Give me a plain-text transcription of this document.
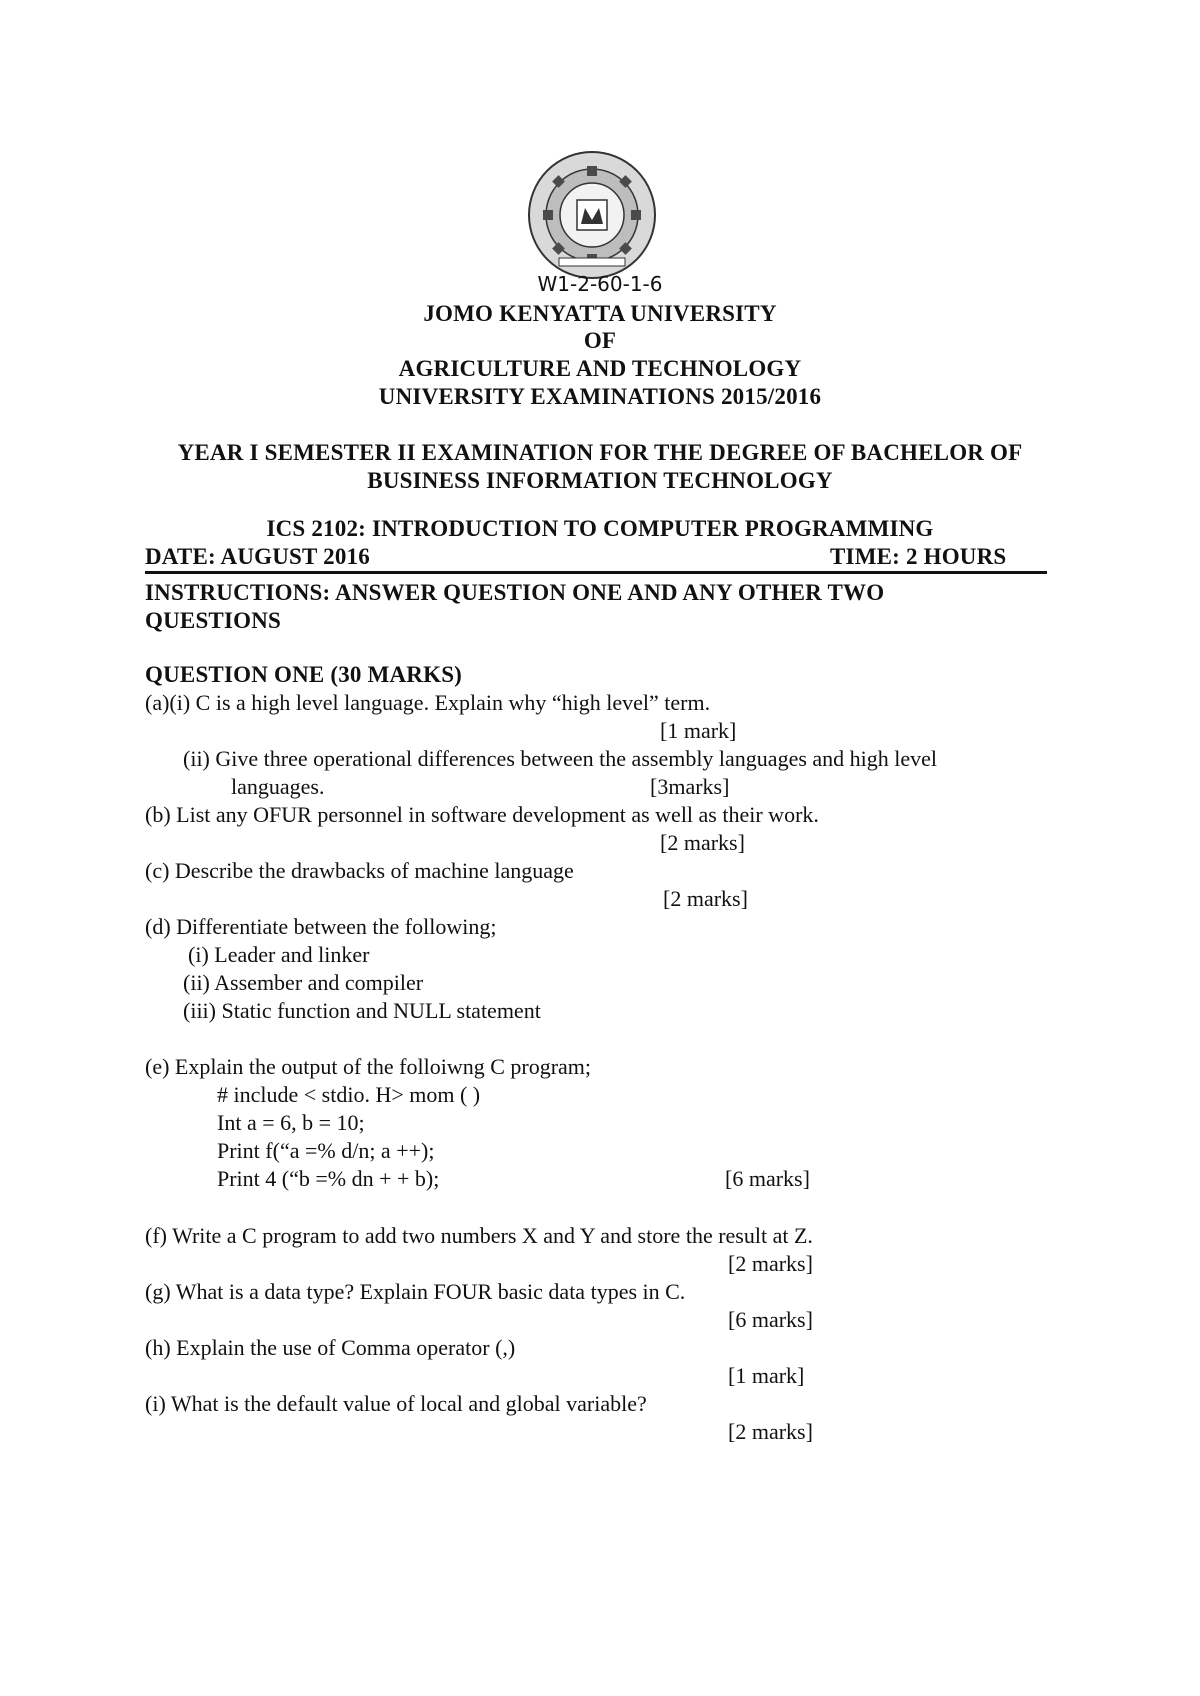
W1-2-60-1-6
JOMO KENYATTA UNIVERSITY
OF
AGRICULTURE AND TECHNOLOGY
UNIVERSITY EXAMINATIONS 2015/2016
YEAR I SEMESTER II EXAMINATION FOR THE DEGREE OF BACHELOR OF
BUSINESS INFORMATION TECHNOLOGY
ICS 2102: INTRODUCTION TO COMPUTER PROGRAMMING
DATE: AUGUST 2016	TIME: 2 HOURS
INSTRUCTIONS: ANSWER QUESTION ONE AND ANY OTHER TWO
QUESTIONS
QUESTION ONE (30 MARKS)
(a)(i) C is a high level language. Explain why “high level” term.
[1 mark]
(ii) Give three operational differences between the assembly languages and high level
languages.	[3marks]
(b) List any OFUR personnel in software development as well as their work.
[2 marks]
(c) Describe the drawbacks of machine language
[2 marks]
(d) Differentiate between the following;
(i) Leader and linker
(ii) Assember and compiler
(iii) Static function and NULL statement
(e) Explain the output of the folloiwng C program;
# include < stdio. H> mom ( )
Int a = 6, b = 10;
Print f(“a =% d/n; a ++);
Print 4 (“b =% dn + + b);	[6 marks]
(f) Write a C program to add two numbers X and Y and store the result at Z.
[2 marks]
(g) What is a data type? Explain FOUR basic data types in C.
[6 marks]
(h) Explain the use of Comma operator (,)
[1 mark]
(i) What is the default value of local and global variable?
[2 marks]
